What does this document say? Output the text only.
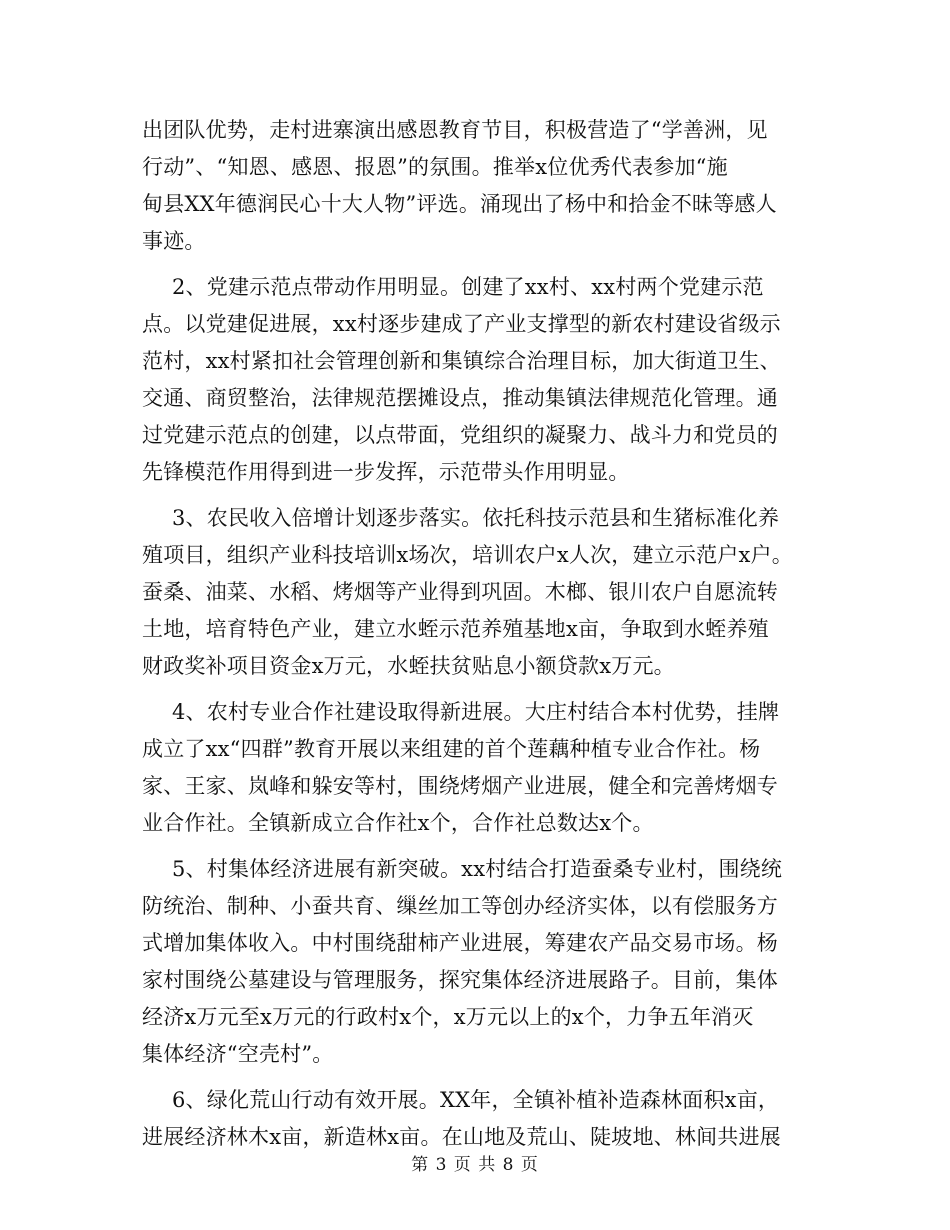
出团队优势，走村进寨演出感恩教育节目，积极营造了“学善洲，见
行动”、“知恩、感恩、报恩”的氛围。推举x位优秀代表参加“施
甸县XX年德润民心十大人物”评选。涌现出了杨中和拾金不昧等感人
事迹。
2、党建示范点带动作用明显。创建了xx村、xx村两个党建示范
点。以党建促进展，xx村逐步建成了产业支撑型的新农村建设省级示
范村，xx村紧扣社会管理创新和集镇综合治理目标，加大街道卫生、
交通、商贸整治，法律规范摆摊设点，推动集镇法律规范化管理。通
过党建示范点的创建，以点带面，党组织的凝聚力、战斗力和党员的
先锋模范作用得到进一步发挥，示范带头作用明显。
3、农民收入倍增计划逐步落实。依托科技示范县和生猪标准化养
殖项目，组织产业科技培训x场次，培训农户x人次，建立示范户x户。
蚕桑、油菜、水稻、烤烟等产业得到巩固。木榔、银川农户自愿流转
土地，培育特色产业，建立水蛭示范养殖基地x亩，争取到水蛭养殖
财政奖补项目资金x万元，水蛭扶贫贴息小额贷款x万元。
4、农村专业合作社建设取得新进展。大庄村结合本村优势，挂牌
成立了xx“四群”教育开展以来组建的首个莲藕种植专业合作社。杨
家、王家、岚峰和躲安等村，围绕烤烟产业进展，健全和完善烤烟专
业合作社。全镇新成立合作社x个，合作社总数达x个。
5、村集体经济进展有新突破。xx村结合打造蚕桑专业村，围绕统
防统治、制种、小蚕共育、缫丝加工等创办经济实体，以有偿服务方
式增加集体收入。中村围绕甜柿产业进展，筹建农产品交易市场。杨
家村围绕公墓建设与管理服务，探究集体经济进展路子。目前，集体
经济x万元至x万元的行政村x个，x万元以上的x个，力争五年消灭
集体经济“空壳村”。
6、绿化荒山行动有效开展。XX年，全镇补植补造森林面积x亩，
进展经济林木x亩，新造林x亩。在山地及荒山、陡坡地、林间共进展
第 3 页 共 8 页
